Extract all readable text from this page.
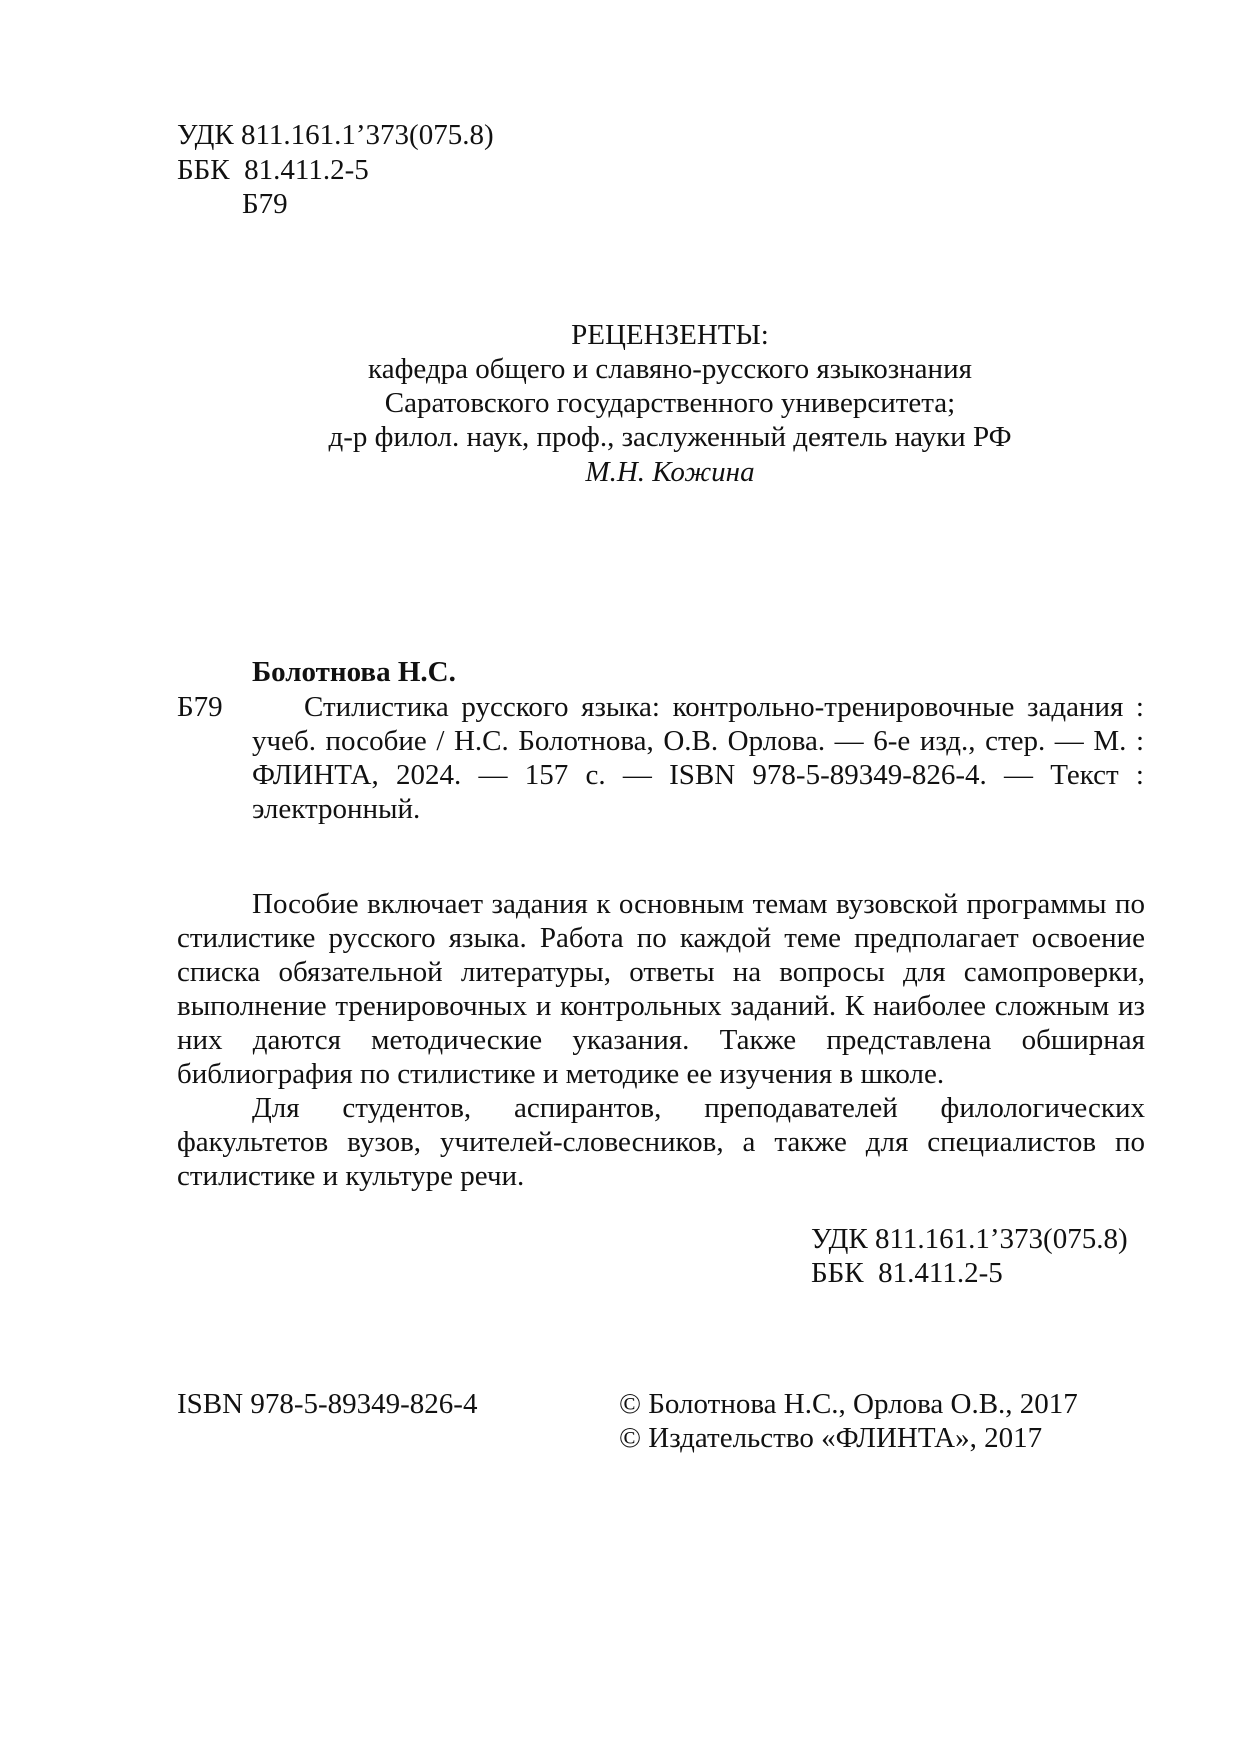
УДК 811.161.1’373(075.8)
ББК  81.411.2-5
Б79
РЕЦЕНЗЕНТЫ:
кафедра общего и славяно-русского языкознания
Саратовского государственного университета;
д-р филол. наук, проф., заслуженный деятель науки РФ
М.Н. Кожина
Болотнова Н.С.
Б79	Стилистика русского языка: контрольно-тренировочные задания : учеб. пособие / Н.С. Болотнова, О.В. Орлова. — 6-е изд., стер. — М. : ФЛИНТА, 2024. — 157 с. — ISBN 978-5-89349-826-4. — Текст : электронный.

Пособие включает задания к основным темам вузовской программы по стилистике русского языка. Работа по каждой теме предполагает освоение списка обязательной литературы, ответы на вопросы для самопроверки, выполнение тренировочных и контрольных заданий. К наиболее сложным из них даются методические указания. Также представлена обширная библиография по стилистике и методике ее изучения в школе.

Для студентов, аспирантов, преподавателей филологических факультетов вузов, учителей-словесников, а также для специалистов по стилистике и культуре речи.

УДК 811.161.1’373(075.8)
ББК  81.411.2-5
ISBN 978-5-89349-826-4	© Болотнова Н.С., Орлова О.В., 2017
© Издательство «ФЛИНТА», 2017
